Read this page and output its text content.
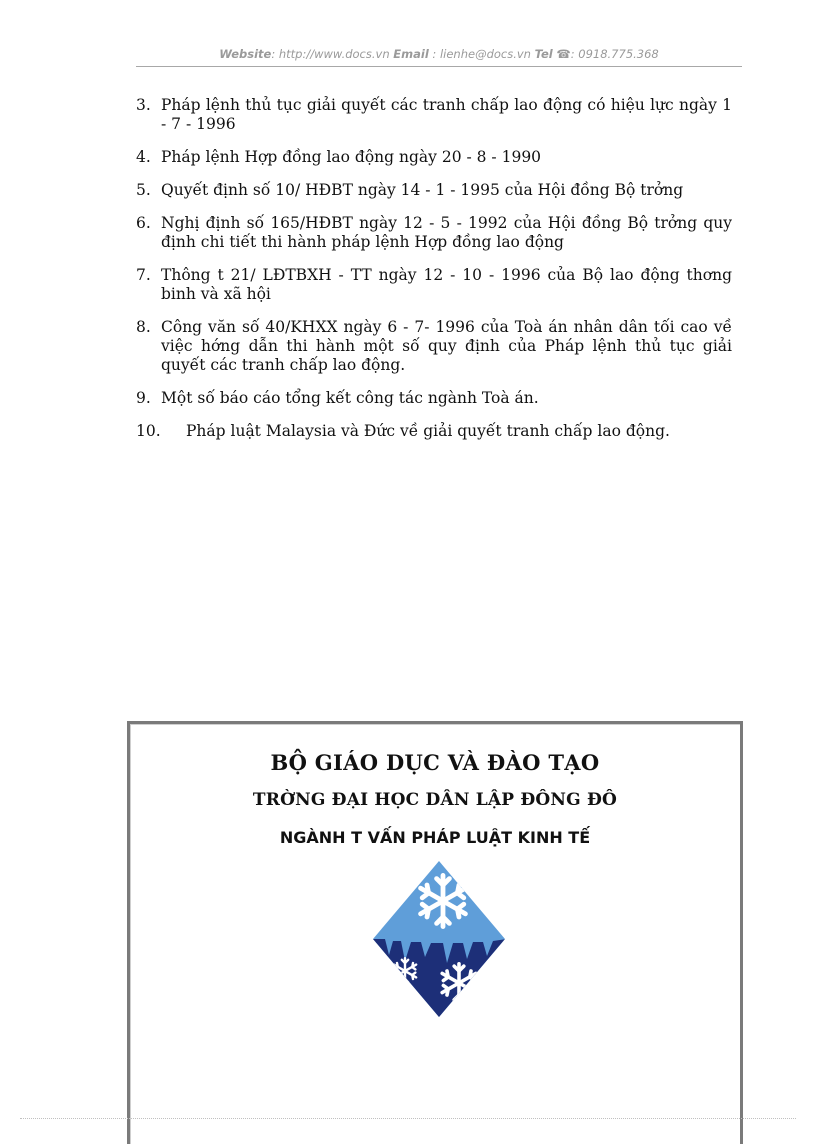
Website: http://www.docs.vn Email : lienhe@docs.vn Tel ☎: 0918.775.368
3. Pháp lệnh thủ tục giải quyết các tranh chấp lao động có hiệu lực ngày 1 - 7 - 1996
4. Pháp lệnh Hợp đồng lao động ngày 20 - 8 - 1990
5. Quyết định số 10/ HĐBT ngày 14 - 1 - 1995 của Hội đồng Bộ trởng
6. Nghị định số 165/HĐBT ngày 12 - 5 - 1992 của Hội đồng Bộ trởng quy định chi tiết thi hành pháp lệnh Hợp đồng lao động
7. Thông t 21/ LĐTBXH - TT ngày 12 - 10 - 1996 của Bộ lao động thơng binh và xã hội
8. Công văn số 40/KHXX ngày 6 - 7- 1996 của Toà án nhân dân tối cao về việc hớng dẫn thi hành một số quy định của Pháp lệnh thủ tục giải quyết các tranh chấp lao động.
9. Một số báo cáo tổng kết công tác ngành Toà án.
10. Pháp luật Malaysia và Đức về giải quyết tranh chấp lao động.
BỘ GIÁO DỤC VÀ ĐÀO TẠO
TRỜNG ĐẠI HỌC DÂN LẬP ĐÔNG ĐÔ
NGÀNH T VẤN PHÁP LUẬT KINH TẾ
